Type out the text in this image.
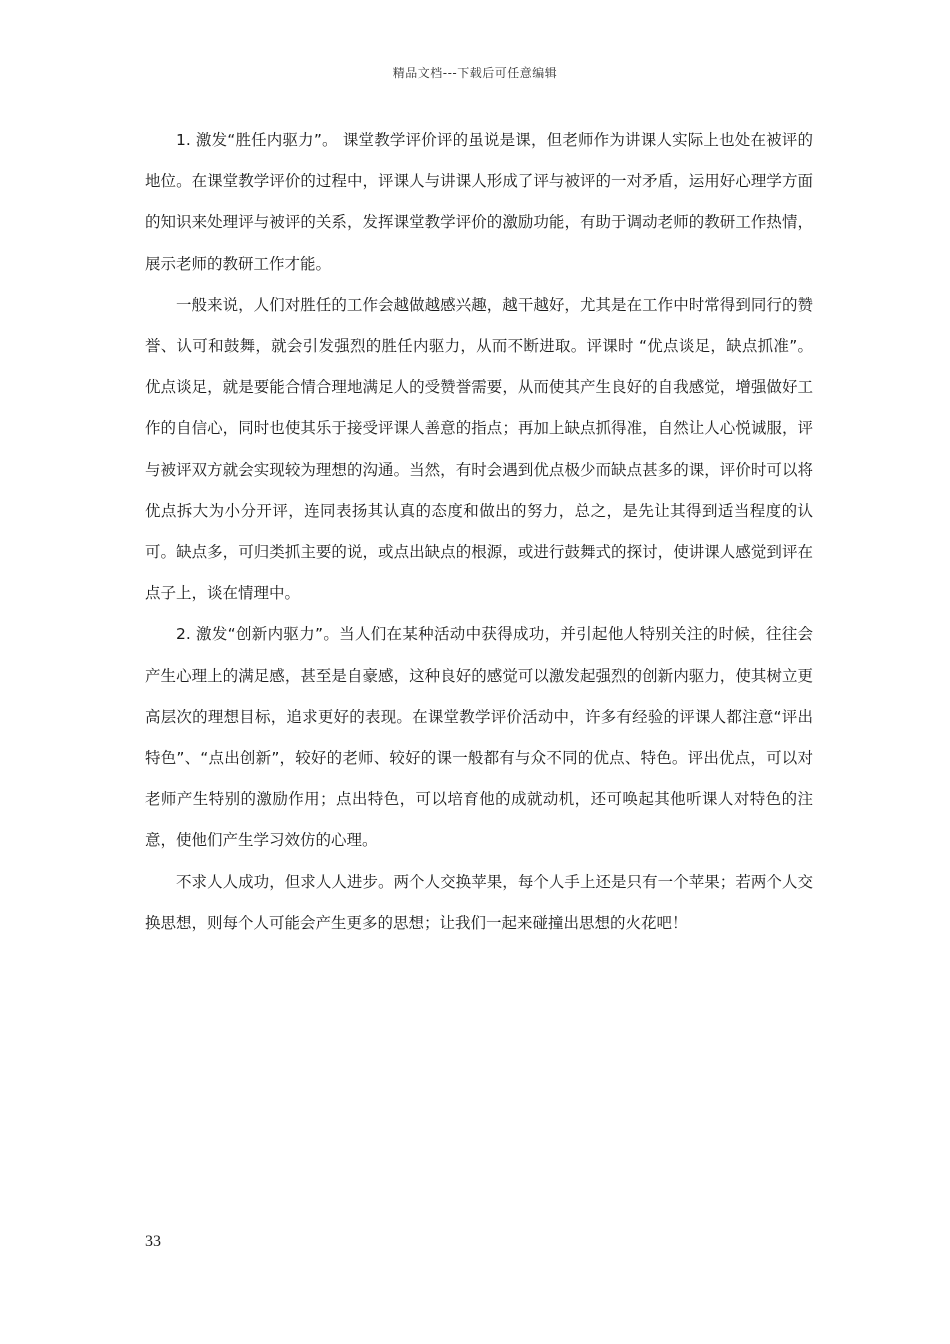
精品文档---下载后可任意编辑

1. 激发“胜任内驱力”。 课堂教学评价评的虽说是课，但老师作为讲课人实际上也处在被评的地位。在课堂教学评价的过程中，评课人与讲课人形成了评与被评的一对矛盾，运用好心理学方面的知识来处理评与被评的关系，发挥课堂教学评价的激励功能，有助于调动老师的教研工作热情，展示老师的教研工作才能。

一般来说，人们对胜任的工作会越做越感兴趣，越干越好，尤其是在工作中时常得到同行的赞誉、认可和鼓舞，就会引发强烈的胜任内驱力，从而不断进取。评课时 “优点谈足，缺点抓准”。优点谈足，就是要能合情合理地满足人的受赞誉需要，从而使其产生良好的自我感觉，增强做好工作的自信心，同时也使其乐于接受评课人善意的指点；再加上缺点抓得准，自然让人心悦诚服，评与被评双方就会实现较为理想的沟通。当然，有时会遇到优点极少而缺点甚多的课，评价时可以将优点拆大为小分开评，连同表扬其认真的态度和做出的努力，总之，是先让其得到适当程度的认可。缺点多，可归类抓主要的说，或点出缺点的根源，或进行鼓舞式的探讨，使讲课人感觉到评在点子上，谈在情理中。

2. 激发“创新内驱力”。当人们在某种活动中获得成功，并引起他人特别关注的时候，往往会产生心理上的满足感，甚至是自豪感，这种良好的感觉可以激发起强烈的创新内驱力，使其树立更高层次的理想目标，追求更好的表现。在课堂教学评价活动中，许多有经验的评课人都注意“评出特色”、“点出创新”，较好的老师、较好的课一般都有与众不同的优点、特色。评出优点，可以对老师产生特别的激励作用；点出特色，可以培育他的成就动机，还可唤起其他听课人对特色的注意，使他们产生学习效仿的心理。

不求人人成功，但求人人进步。两个人交换苹果，每个人手上还是只有一个苹果；若两个人交换思想，则每个人可能会产生更多的思想；让我们一起来碰撞出思想的火花吧！

33
